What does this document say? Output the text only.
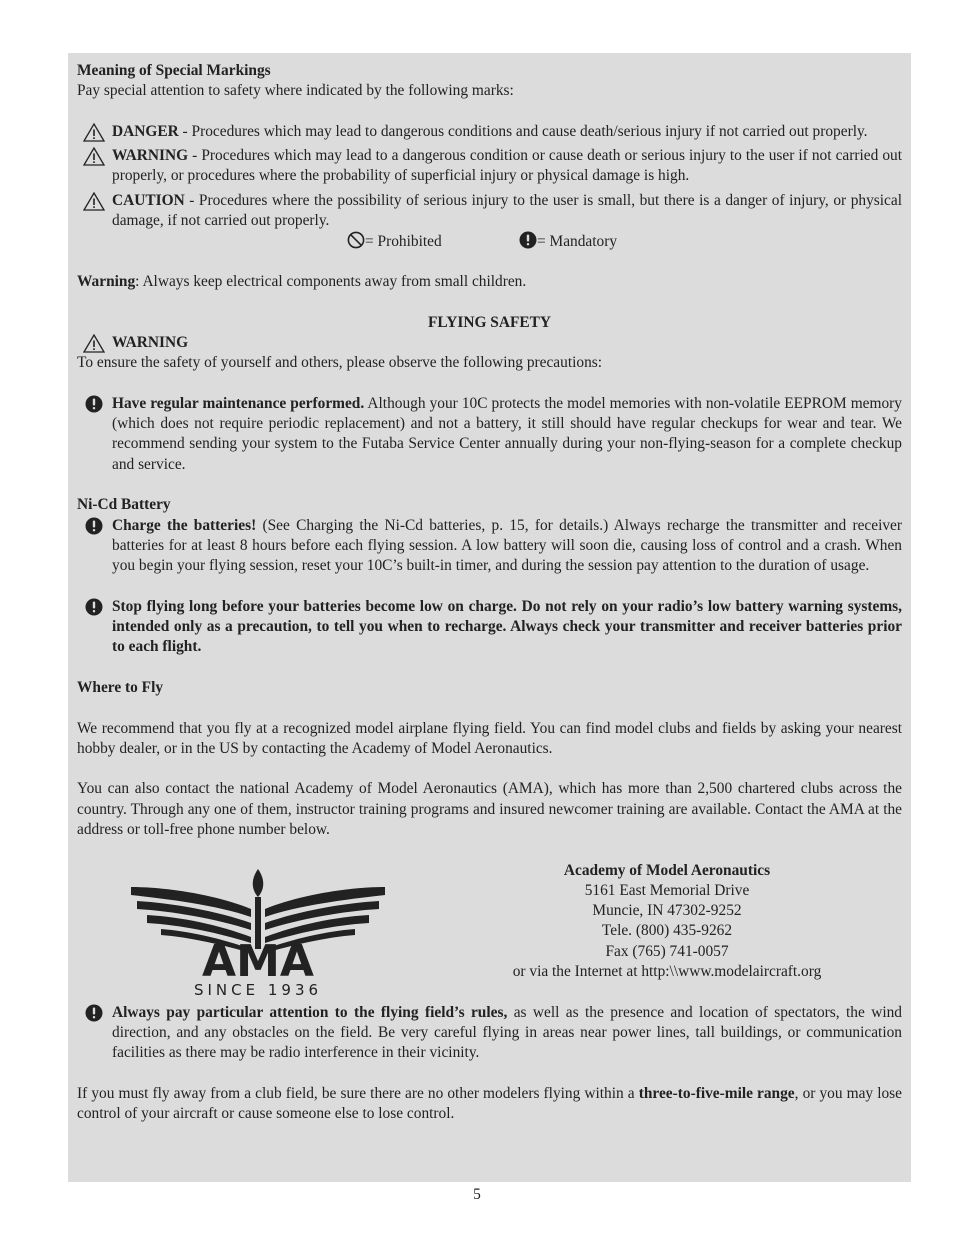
Meaning of Special Markings

Pay special attention to safety where indicated by the following marks:

DANGER - Procedures which may lead to dangerous conditions and cause death/serious injury if not carried out properly.
WARNING - Procedures which may lead to a dangerous condition or cause death or serious injury to the user if not carried out properly, or procedures where the probability of superficial injury or physical damage is high.
CAUTION - Procedures where the possibility of serious injury to the user is small, but there is a danger of injury, or physical damage, if not carried out properly.
= Prohibited	= Mandatory

Warning: Always keep electrical components away from small children.

FLYING SAFETY

WARNING

To ensure the safety of yourself and others, please observe the following precautions:

Have regular maintenance performed. Although your 10C protects the model memories with non-volatile EEPROM memory (which does not require periodic replacement) and not a battery, it still should have regular checkups for wear and tear. We recommend sending your system to the Futaba Service Center annually during your non-flying-season for a complete checkup and service.

Ni-Cd Battery

Charge the batteries! (See Charging the Ni-Cd batteries, p. 15, for details.) Always recharge the transmitter and receiver batteries for at least 8 hours before each flying session. A low battery will soon die, causing loss of control and a crash. When you begin your flying session, reset your 10C’s built-in timer, and during the session pay attention to the duration of usage.
Stop flying long before your batteries become low on charge. Do not rely on your radio’s low battery warning systems, intended only as a precaution, to tell you when to recharge. Always check your transmitter and receiver batteries prior to each flight.

Where to Fly

We recommend that you fly at a recognized model airplane flying field. You can find model clubs and fields by asking your nearest hobby dealer, or in the US by contacting the Academy of Model Aeronautics.

You can also contact the national Academy of Model Aeronautics (AMA), which has more than 2,500 chartered clubs across the country. Through any one of them, instructor training programs and insured newcomer training are available. Contact the AMA at the address or toll-free phone number below.

AMA
SINCE 1936
Academy of Model Aeronautics
5161 East Memorial Drive
Muncie, IN 47302-9252
Tele. (800) 435-9262
Fax (765) 741-0057
or via the Internet at http:\\www.modelaircraft.org
Always pay particular attention to the flying field’s rules, as well as the presence and location of spectators, the wind direction, and any obstacles on the field. Be very careful flying in areas near power lines, tall buildings, or communication facilities as there may be radio interference in their vicinity.

If you must fly away from a club field, be sure there are no other modelers flying within a three-to-five-mile range, or you may lose control of your aircraft or cause someone else to lose control.

5
